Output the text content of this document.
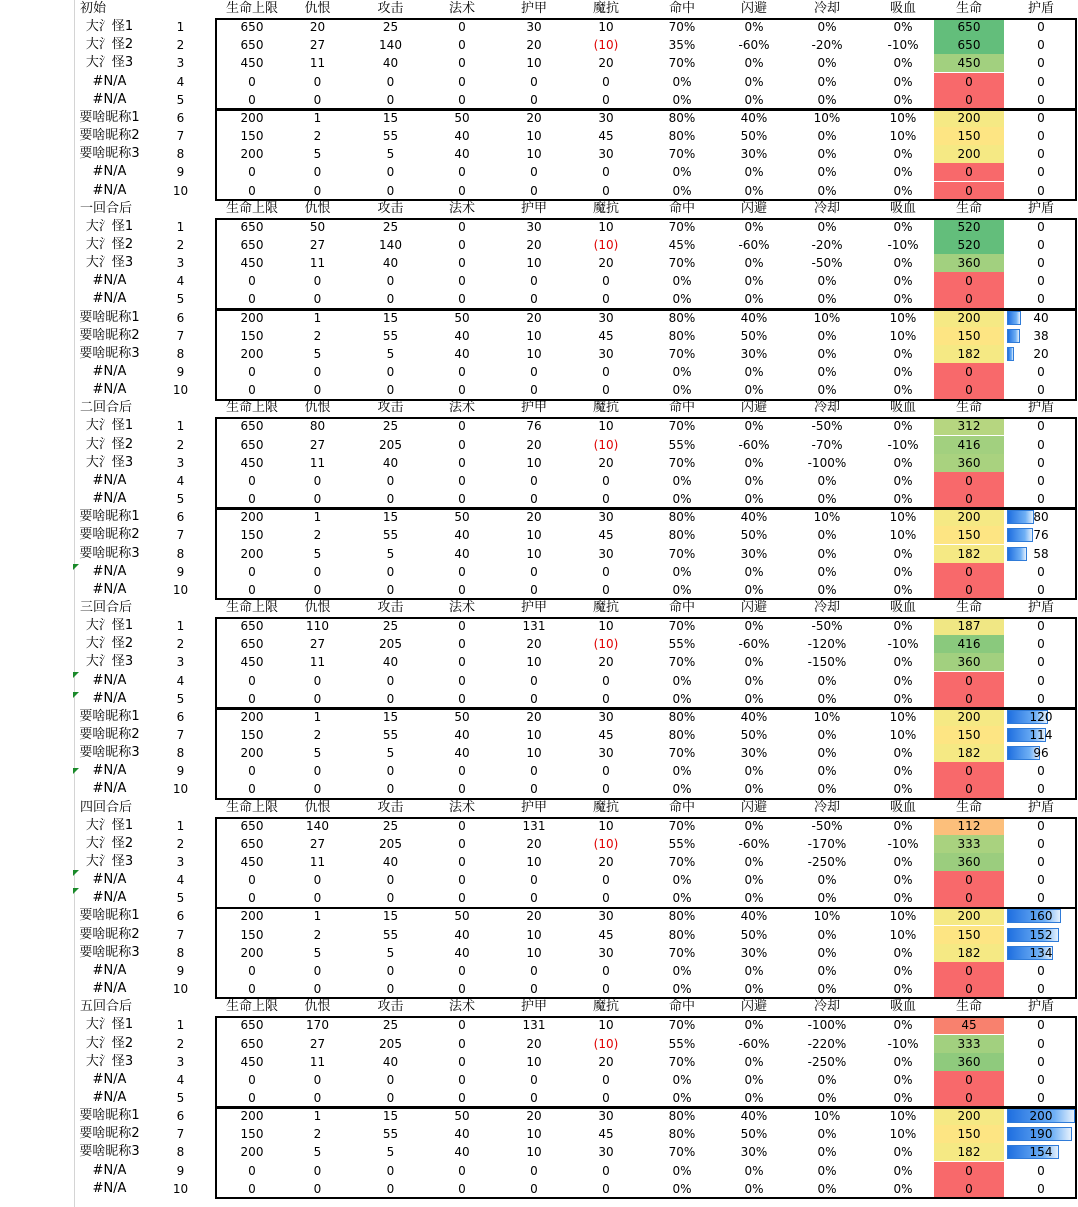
初始	生命上限	仇恨	攻击	法术	护甲	魔抗	命中	闪避	冷却	吸血	生命	护盾
大氵怪1	1	650	20	25	0	30	10	70%	0%	0%	0%	650	0
大氵怪2	2	650	27	140	0	20	(10)	35%	-60%	-20%	-10%	650	0
大氵怪3	3	450	11	40	0	10	20	70%	0%	0%	0%	450	0
#N/A	4	0	0	0	0	0	0	0%	0%	0%	0%	0	0
#N/A	5	0	0	0	0	0	0	0%	0%	0%	0%	0	0
要啥昵称1	6	200	1	15	50	20	30	80%	40%	10%	10%	200	0
要啥昵称2	7	150	2	55	40	10	45	80%	50%	0%	10%	150	0
要啥昵称3	8	200	5	5	40	10	30	70%	30%	0%	0%	200	0
#N/A	9	0	0	0	0	0	0	0%	0%	0%	0%	0	0
#N/A	10	0	0	0	0	0	0	0%	0%	0%	0%	0	0
一回合后	生命上限	仇恨	攻击	法术	护甲	魔抗	命中	闪避	冷却	吸血	生命	护盾
大氵怪1	1	650	50	25	0	30	10	70%	0%	0%	0%	520	0
大氵怪2	2	650	27	140	0	20	(10)	45%	-60%	-20%	-10%	520	0
大氵怪3	3	450	11	40	0	10	20	70%	0%	-50%	0%	360	0
#N/A	4	0	0	0	0	0	0	0%	0%	0%	0%	0	0
#N/A	5	0	0	0	0	0	0	0%	0%	0%	0%	0	0
要啥昵称1	6	200	1	15	50	20	30	80%	40%	10%	10%	200	40
要啥昵称2	7	150	2	55	40	10	45	80%	50%	0%	10%	150	38
要啥昵称3	8	200	5	5	40	10	30	70%	30%	0%	0%	182	20
#N/A	9	0	0	0	0	0	0	0%	0%	0%	0%	0	0
#N/A	10	0	0	0	0	0	0	0%	0%	0%	0%	0	0
二回合后	生命上限	仇恨	攻击	法术	护甲	魔抗	命中	闪避	冷却	吸血	生命	护盾
大氵怪1	1	650	80	25	0	76	10	70%	0%	-50%	0%	312	0
大氵怪2	2	650	27	205	0	20	(10)	55%	-60%	-70%	-10%	416	0
大氵怪3	3	450	11	40	0	10	20	70%	0%	-100%	0%	360	0
#N/A	4	0	0	0	0	0	0	0%	0%	0%	0%	0	0
#N/A	5	0	0	0	0	0	0	0%	0%	0%	0%	0	0
要啥昵称1	6	200	1	15	50	20	30	80%	40%	10%	10%	200	80
要啥昵称2	7	150	2	55	40	10	45	80%	50%	0%	10%	150	76
要啥昵称3	8	200	5	5	40	10	30	70%	30%	0%	0%	182	58
#N/A	9	0	0	0	0	0	0	0%	0%	0%	0%	0	0
#N/A	10	0	0	0	0	0	0	0%	0%	0%	0%	0	0
三回合后	生命上限	仇恨	攻击	法术	护甲	魔抗	命中	闪避	冷却	吸血	生命	护盾
大氵怪1	1	650	110	25	0	131	10	70%	0%	-50%	0%	187	0
大氵怪2	2	650	27	205	0	20	(10)	55%	-60%	-120%	-10%	416	0
大氵怪3	3	450	11	40	0	10	20	70%	0%	-150%	0%	360	0
#N/A	4	0	0	0	0	0	0	0%	0%	0%	0%	0	0
#N/A	5	0	0	0	0	0	0	0%	0%	0%	0%	0	0
要啥昵称1	6	200	1	15	50	20	30	80%	40%	10%	10%	200	120
要啥昵称2	7	150	2	55	40	10	45	80%	50%	0%	10%	150	114
要啥昵称3	8	200	5	5	40	10	30	70%	30%	0%	0%	182	96
#N/A	9	0	0	0	0	0	0	0%	0%	0%	0%	0	0
#N/A	10	0	0	0	0	0	0	0%	0%	0%	0%	0	0
四回合后	生命上限	仇恨	攻击	法术	护甲	魔抗	命中	闪避	冷却	吸血	生命	护盾
大氵怪1	1	650	140	25	0	131	10	70%	0%	-50%	0%	112	0
大氵怪2	2	650	27	205	0	20	(10)	55%	-60%	-170%	-10%	333	0
大氵怪3	3	450	11	40	0	10	20	70%	0%	-250%	0%	360	0
#N/A	4	0	0	0	0	0	0	0%	0%	0%	0%	0	0
#N/A	5	0	0	0	0	0	0	0%	0%	0%	0%	0	0
要啥昵称1	6	200	1	15	50	20	30	80%	40%	10%	10%	200	160
要啥昵称2	7	150	2	55	40	10	45	80%	50%	0%	10%	150	152
要啥昵称3	8	200	5	5	40	10	30	70%	30%	0%	0%	182	134
#N/A	9	0	0	0	0	0	0	0%	0%	0%	0%	0	0
#N/A	10	0	0	0	0	0	0	0%	0%	0%	0%	0	0
五回合后	生命上限	仇恨	攻击	法术	护甲	魔抗	命中	闪避	冷却	吸血	生命	护盾
大氵怪1	1	650	170	25	0	131	10	70%	0%	-100%	0%	45	0
大氵怪2	2	650	27	205	0	20	(10)	55%	-60%	-220%	-10%	333	0
大氵怪3	3	450	11	40	0	10	20	70%	0%	-250%	0%	360	0
#N/A	4	0	0	0	0	0	0	0%	0%	0%	0%	0	0
#N/A	5	0	0	0	0	0	0	0%	0%	0%	0%	0	0
要啥昵称1	6	200	1	15	50	20	30	80%	40%	10%	10%	200	200
要啥昵称2	7	150	2	55	40	10	45	80%	50%	0%	10%	150	190
要啥昵称3	8	200	5	5	40	10	30	70%	30%	0%	0%	182	154
#N/A	9	0	0	0	0	0	0	0%	0%	0%	0%	0	0
#N/A	10	0	0	0	0	0	0	0%	0%	0%	0%	0	0
